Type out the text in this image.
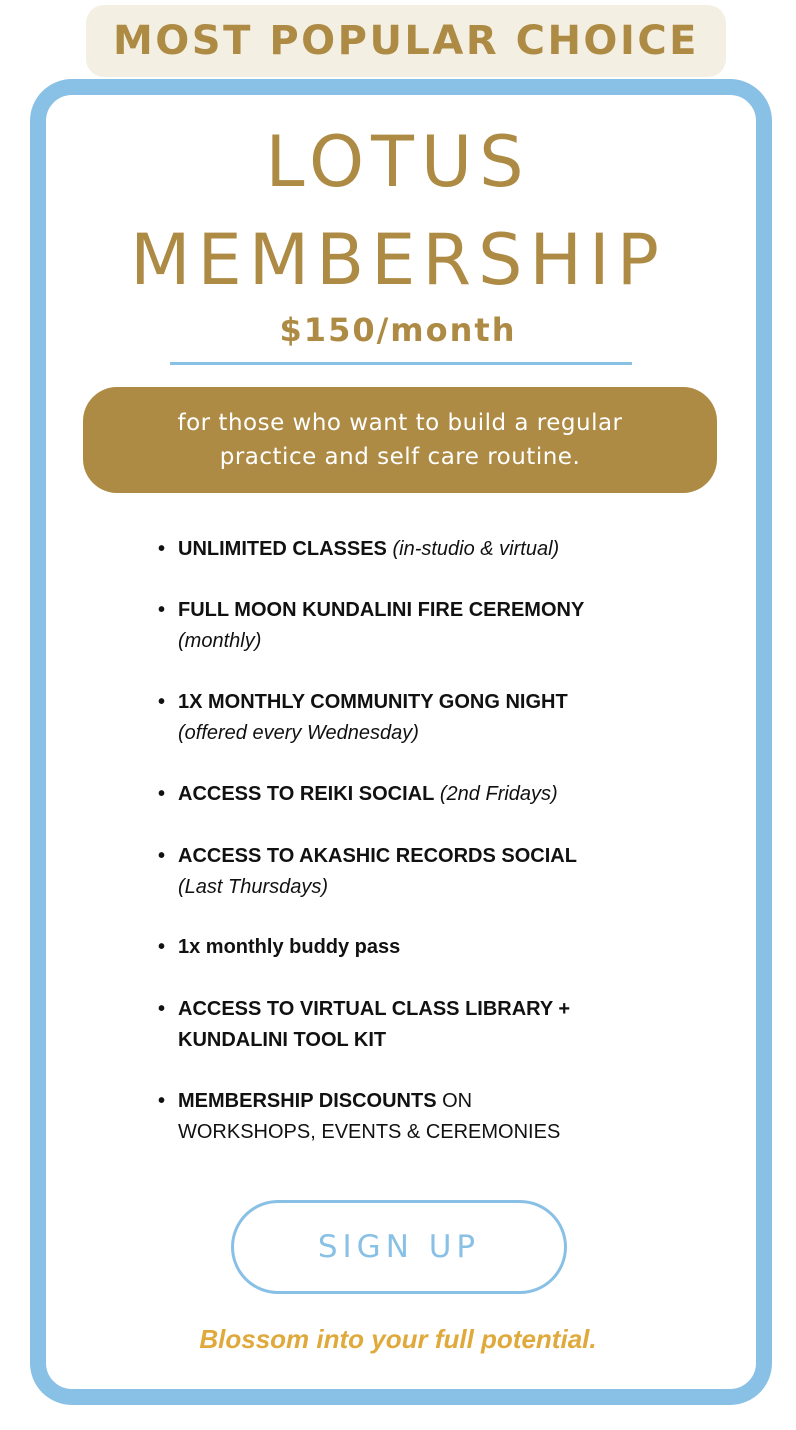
MOST POPULAR CHOICE
LOTUS
MEMBERSHIP
$150/month
for those who want to build a regular
practice and self care routine.
• UNLIMITED CLASSES (in-studio & virtual)
• FULL MOON KUNDALINI FIRE CEREMONY
(monthly)
• 1X MONTHLY COMMUNITY GONG NIGHT
(offered every Wednesday)
• ACCESS TO REIKI SOCIAL (2nd Fridays)
• ACCESS TO AKASHIC RECORDS SOCIAL
(Last Thursdays)
• 1x monthly buddy pass
• ACCESS TO VIRTUAL CLASS LIBRARY +
KUNDALINI TOOL KIT
• MEMBERSHIP DISCOUNTS ON
WORKSHOPS, EVENTS & CEREMONIES
SIGN UP
Blossom into your full potential.
